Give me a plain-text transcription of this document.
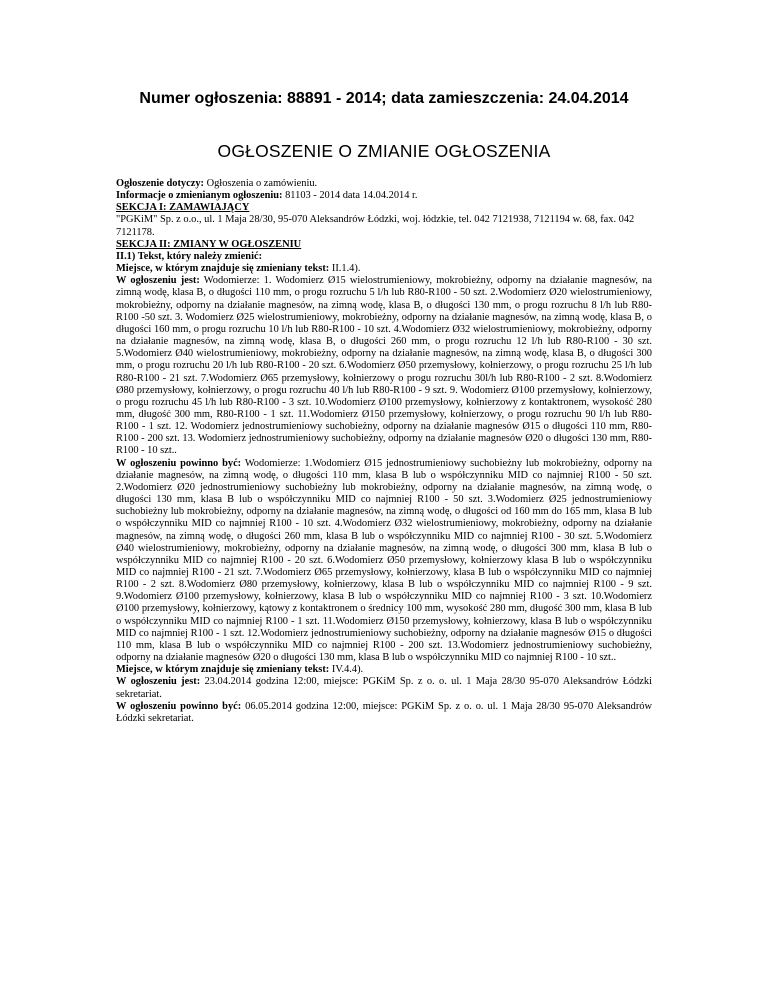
Numer ogłoszenia: 88891 - 2014; data zamieszczenia: 24.04.2014
OGŁOSZENIE O ZMIANIE OGŁOSZENIA

Ogłoszenie dotyczy: Ogłoszenia o zamówieniu.

Informacje o zmienianym ogłoszeniu: 81103 - 2014 data 14.04.2014 r.

SEKCJA I: ZAMAWIAJĄCY

"PGKiM" Sp. z o.o., ul. 1 Maja 28/30, 95-070 Aleksandrów Łódzki, woj. łódzkie, tel. 042 7121938, 7121194 w. 68, fax. 042 7121178.

SEKCJA II: ZMIANY W OGŁOSZENIU

II.1) Tekst, który należy zmienić:

Miejsce, w którym znajduje się zmieniany tekst: II.1.4).

W ogłoszeniu jest: Wodomierze: 1. Wodomierz Ø15 wielostrumieniowy, mokrobieżny, odporny na działanie magnesów, na zimną wodę, klasa B, o długości 110 mm, o progu rozruchu 5 l/h lub R80-R100 - 50 szt. 2.Wodomierz Ø20 wielostrumieniowy, mokrobieżny, odporny na działanie magnesów, na zimną wodę, klasa B, o długości 130 mm, o progu rozruchu 8 l/h lub R80-R100 -50 szt. 3. Wodomierz Ø25 wielostrumieniowy, mokrobieżny, odporny na działanie magnesów, na zimną wodę, klasa B, o długości 160 mm, o progu rozruchu 10 l/h lub R80-R100 - 10 szt. 4.Wodomierz Ø32 wielostrumieniowy, mokrobieżny, odporny na działanie magnesów, na zimną wodę, klasa B, o długości 260 mm, o progu rozruchu 12 l/h lub R80-R100 - 30 szt. 5.Wodomierz Ø40 wielostrumieniowy, mokrobieżny, odporny na działanie magnesów, na zimną wodę, klasa B, o długości 300 mm, o progu rozruchu 20 l/h lub R80-R100 - 20 szt. 6.Wodomierz Ø50 przemysłowy, kołnierzowy, o progu rozruchu 25 l/h lub R80-R100 - 21 szt. 7.Wodomierz Ø65 przemysłowy, kołnierzowy o progu rozruchu 30l/h lub R80-R100 - 2 szt. 8.Wodomierz Ø80 przemysłowy, kołnierzowy, o progu rozruchu 40 l/h lub R80-R100 - 9 szt. 9. Wodomierz Ø100 przemysłowy, kołnierzowy, o progu rozruchu 45 l/h lub R80-R100 - 3 szt. 10.Wodomierz Ø100 przemysłowy, kołnierzowy z kontaktronem, wysokość 280 mm, długość 300 mm, R80-R100 - 1 szt. 11.Wodomierz Ø150 przemysłowy, kołnierzowy, o progu rozruchu 90 l/h lub R80-R100 - 1 szt. 12. Wodomierz jednostrumieniowy suchobieżny, odporny na działanie magnesów Ø15 o długości 110 mm, R80-R100 - 200 szt. 13. Wodomierz jednostrumieniowy suchobieżny, odporny na działanie magnesów Ø20 o długości 130 mm, R80-R100 - 10 szt..

W ogłoszeniu powinno być: Wodomierze: 1.Wodomierz Ø15 jednostrumieniowy suchobieżny lub mokrobieżny, odporny na działanie magnesów, na zimną wodę, o długości 110 mm, klasa B lub o współczynniku MID co najmniej R100 - 50 szt. 2.Wodomierz Ø20 jednostrumieniowy suchobieżny lub mokrobieżny, odporny na działanie magnesów, na zimną wodę, o długości 130 mm, klasa B lub o współczynniku MID co najmniej R100 - 50 szt. 3.Wodomierz Ø25 jednostrumieniowy suchobieżny lub mokrobieżny, odporny na działanie magnesów, na zimną wodę, o długości od 160 mm do 165 mm, klasa B lub o współczynniku MID co najmniej R100 - 10 szt. 4.Wodomierz Ø32 wielostrumieniowy, mokrobieżny, odporny na działanie magnesów, na zimną wodę, o długości 260 mm, klasa B lub o współczynniku MID co najmniej R100 - 30 szt. 5.Wodomierz Ø40 wielostrumieniowy, mokrobieżny, odporny na działanie magnesów, na zimną wodę, o długości 300 mm, klasa B lub o współczynniku MID co najmniej R100 - 20 szt. 6.Wodomierz Ø50 przemysłowy, kołnierzowy klasa B lub o współczynniku MID co najmniej R100 - 21 szt. 7.Wodomierz Ø65 przemysłowy, kołnierzowy, klasa B lub o współczynniku MID co najmniej R100 - 2 szt. 8.Wodomierz Ø80 przemysłowy, kołnierzowy, klasa B lub o współczynniku MID co najmniej R100 - 9 szt. 9.Wodomierz Ø100 przemysłowy, kołnierzowy, klasa B lub o współczynniku MID co najmniej R100 - 3 szt. 10.Wodomierz Ø100 przemysłowy, kołnierzowy, kątowy z kontaktronem o średnicy 100 mm, wysokość 280 mm, długość 300 mm, klasa B lub o współczynniku MID co najmniej R100 - 1 szt. 11.Wodomierz Ø150 przemysłowy, kołnierzowy, klasa B lub o współczynniku MID co najmniej R100 - 1 szt. 12.Wodomierz jednostrumieniowy suchobieżny, odporny na działanie magnesów Ø15 o długości 110 mm, klasa B lub o współczynniku MID co najmniej R100 - 200 szt. 13.Wodomierz jednostrumieniowy suchobieżny, odporny na działanie magnesów Ø20 o długości 130 mm, klasa B lub o współczynniku MID co najmniej R100 - 10 szt..

Miejsce, w którym znajduje się zmieniany tekst: IV.4.4).

W ogłoszeniu jest: 23.04.2014 godzina 12:00, miejsce: PGKiM Sp. z o. o. ul. 1 Maja 28/30 95-070 Aleksandrów Łódzki sekretariat.

W ogłoszeniu powinno być: 06.05.2014 godzina 12:00, miejsce: PGKiM Sp. z o. o. ul. 1 Maja 28/30 95-070 Aleksandrów Łódzki sekretariat.
